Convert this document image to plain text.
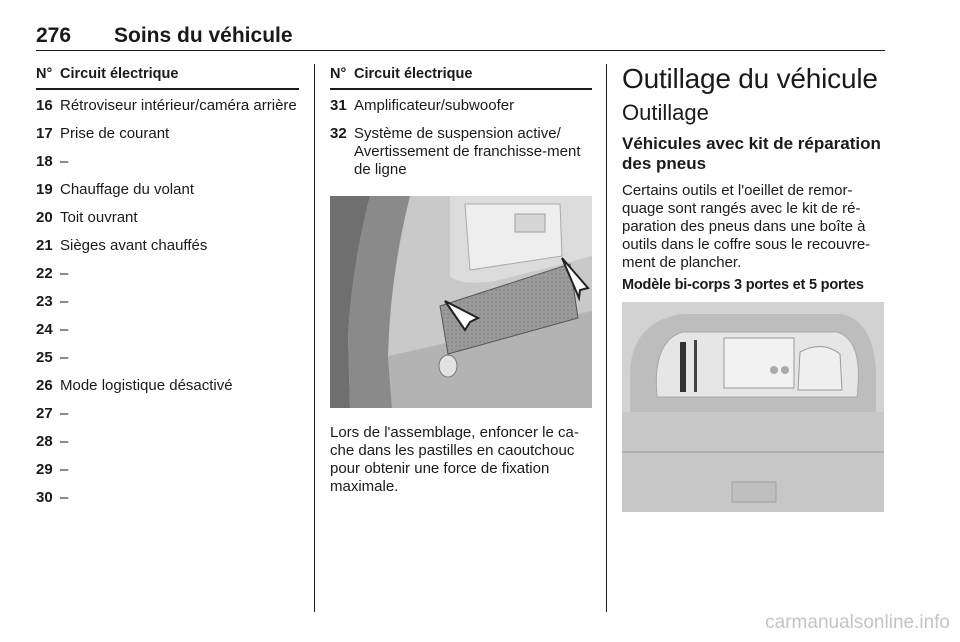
276 Soins du véhicule
N° Circuit électrique
16 Rétroviseur intérieur/caméra arrière
17 Prise de courant
18 –
19 Chauffage du volant
20 Toit ouvrant
21 Sièges avant chauffés
22 –
23 –
24 –
25 –
26 Mode logistique désactivé
27 –
28 –
29 –
30 –
N° Circuit électrique
31 Amplificateur/subwoofer
32 Système de suspension active/ Avertissement de franchisse-ment de ligne
Lors de l'assemblage, enfoncer le ca-che dans les pastilles en caoutchouc pour obtenir une force de fixation maximale.
Outillage du véhicule
Outillage
Véhicules avec kit de réparation des pneus
Certains outils et l'oeillet de remor-quage sont rangés avec le kit de ré-paration des pneus dans une boîte à outils dans le coffre sous le recouvre-ment de plancher.
Modèle bi-corps 3 portes et 5 portes
carmanualsonline.info
